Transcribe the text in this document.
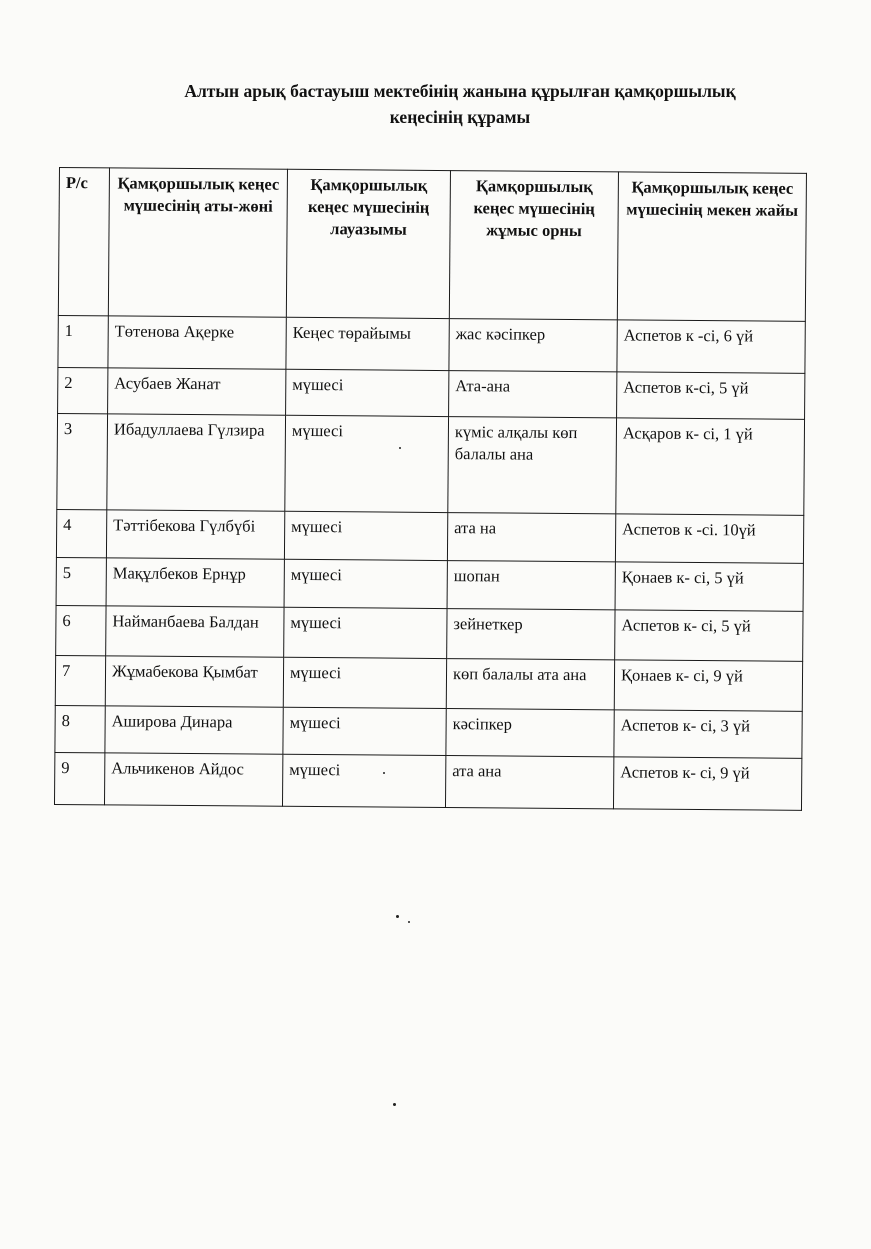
Алтын арық бастауыш мектебінің жанына құрылған қамқоршылық
кеңесінің құрамы
Р/с	Қамқоршылық кеңес мүшесінің аты-жөні	Қамқоршылық кеңес мүшесінің лауазымы	Қамқоршылық кеңес мүшесінің жұмыс орны	Қамқоршылық кеңес мүшесінің мекен жайы
1	Төтенова Ақерке	Кеңес төрайымы	жас кәсіпкер	Аспетов к -сі, 6 үй
2	Асубаев Жанат	мүшесі	Ата-ана	Аспетов к-сі, 5 үй
3	Ибадуллаева Гүлзира	мүшесі	күміс алқалы көп балалы ана	Асқаров к- сі, 1 үй
4	Тәттібекова Гүлбүбі	мүшесі	ата на	Аспетов к -сі. 10үй
5	Мақұлбеков Ернұр	мүшесі	шопан	Қонаев к- сі, 5 үй
6	Найманбаева Балдан	мүшесі	зейнеткер	Аспетов к- сі, 5 үй
7	Жұмабекова Қымбат	мүшесі	көп балалы ата ана	Қонаев к- сі, 9 үй
8	Аширова Динара	мүшесі	кәсіпкер	Аспетов к- сі, 3 үй
9	Альчикенов Айдос	мүшесі	ата ана	Аспетов к- сі, 9 үй
